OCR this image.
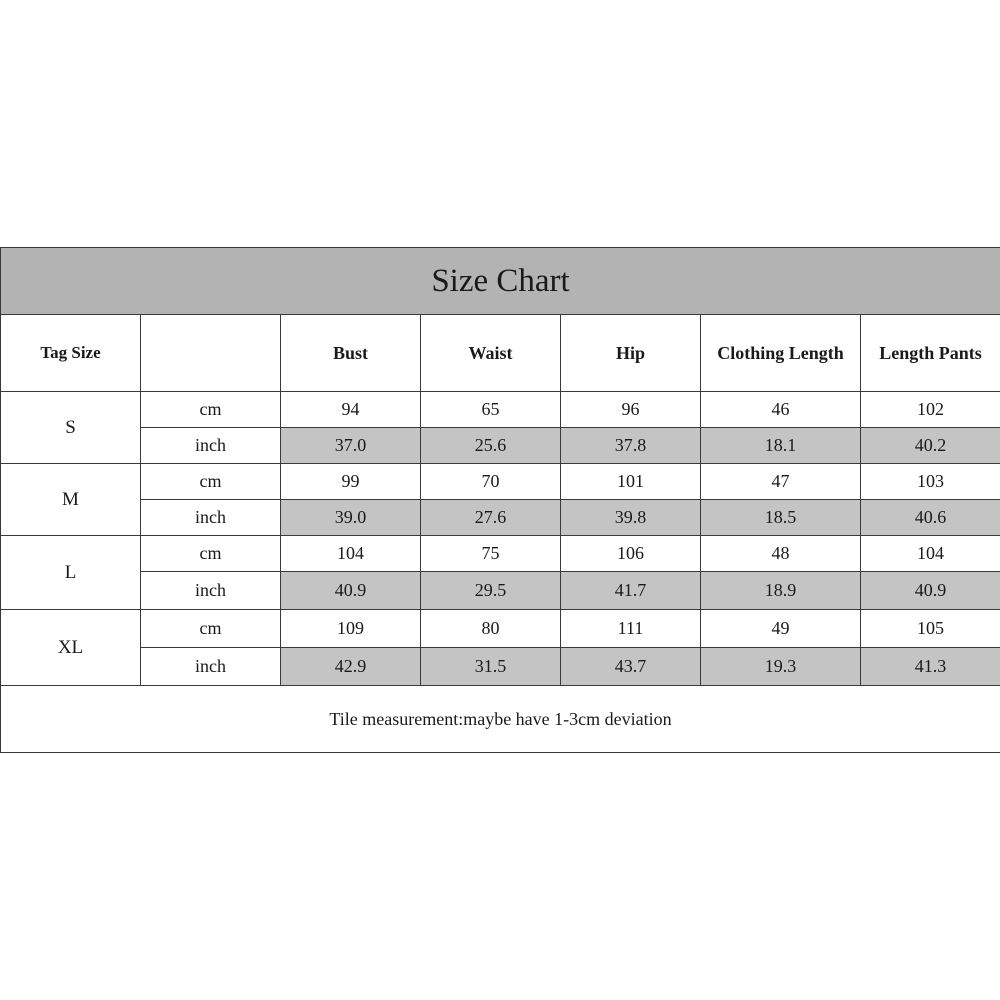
Size Chart						
Tag Size		Bust	Waist	Hip	Clothing Length	Length Pants
S	cm	94	65	96	46	102
	inch	37.0	25.6	37.8	18.1	40.2
M	cm	99	70	101	47	103
	inch	39.0	27.6	39.8	18.5	40.6
L	cm	104	75	106	48	104
	inch	40.9	29.5	41.7	18.9	40.9
XL	cm	109	80	111	49	105
	inch	42.9	31.5	43.7	19.3	41.3
Tile measurement:maybe have 1-3cm deviation						
